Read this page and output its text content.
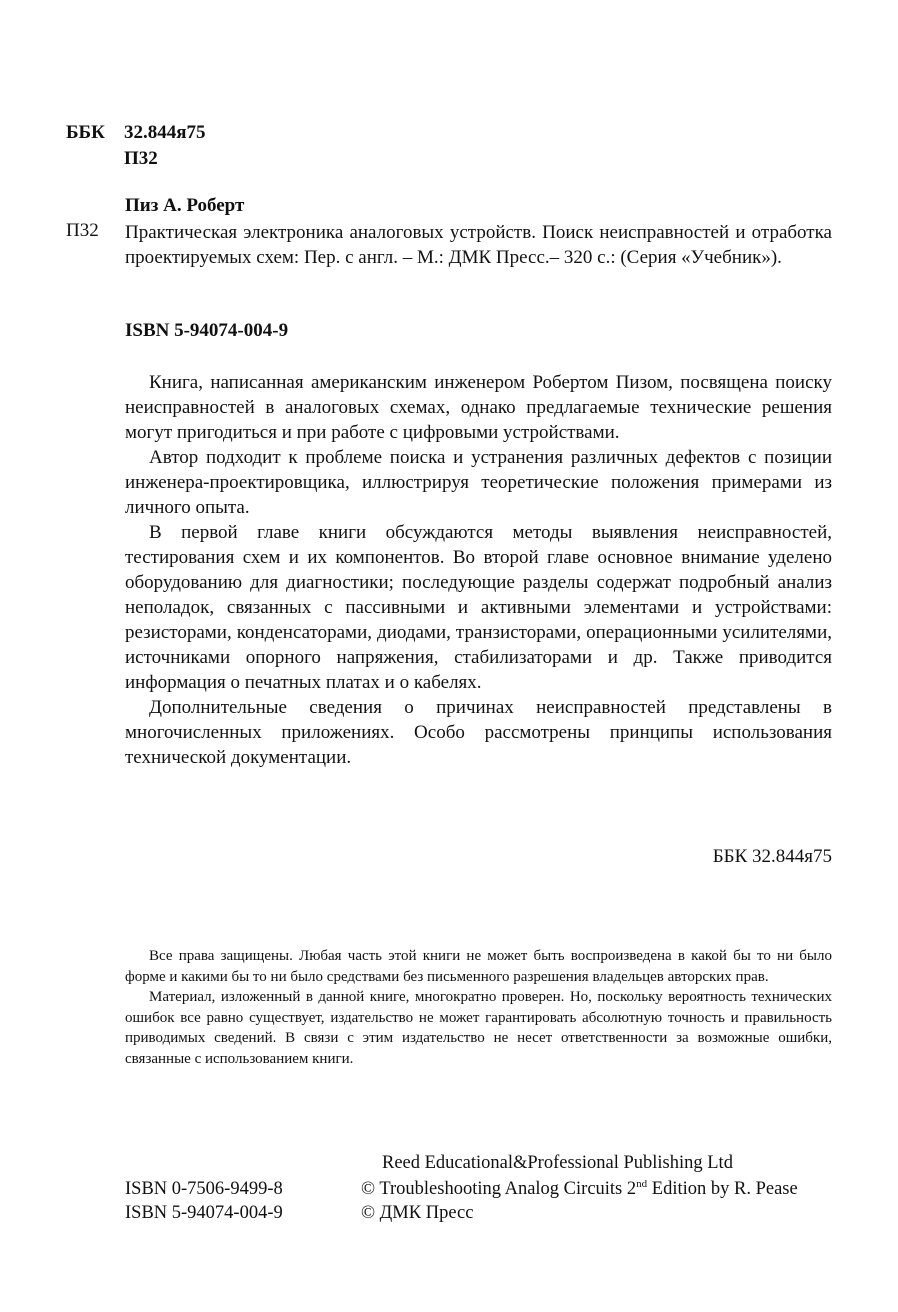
ББК 32.844я75
П32
Пиз А. Роберт
П32 Практическая электроника аналоговых устройств. Поиск неисправностей и отработка проектируемых схем: Пер. с англ. – М.: ДМК Пресс.– 320 с.: (Серия «Учебник»).
ISBN 5-94074-004-9

Книга, написанная американским инженером Робертом Пизом, посвящена поиску неисправностей в аналоговых схемах, однако предлагаемые технические решения могут пригодиться и при работе с цифровыми устройствами.

Автор подходит к проблеме поиска и устранения различных дефектов с позиции инженера-проектировщика, иллюстрируя теоретические положения примерами из личного опыта.

В первой главе книги обсуждаются методы выявления неисправностей, тестирования схем и их компонентов. Во второй главе основное внимание уделено оборудованию для диагностики; последующие разделы содержат подробный анализ неполадок, связанных с пассивными и активными элементами и устройствами: резисторами, конденсаторами, диодами, транзисторами, операционными усилителями, источниками опорного напряжения, стабилизаторами и др. Также приводится информация о печатных платах и о кабелях.

Дополнительные сведения о причинах неисправностей представлены в многочисленных приложениях. Особо рассмотрены принципы использования технической документации.

ББК 32.844я75

Все права защищены. Любая часть этой книги не может быть воспроизведена в какой бы то ни было форме и какими бы то ни было средствами без письменного разрешения владельцев авторских прав.

Материал, изложенный в данной книге, многократно проверен. Но, поскольку вероятность технических ошибок все равно существует, издательство не может гарантировать абсолютную точность и правильность приводимых сведений. В связи с этим издательство не несет ответственности за возможные ошибки, связанные с использованием книги.

Reed Educational&Professional Publishing Ltd
ISBN 0-7506-9499-8
ISBN 5-94074-004-9
© Troubleshooting Analog Circuits 2nd Edition by R. Pease
© ДМК Пресс
